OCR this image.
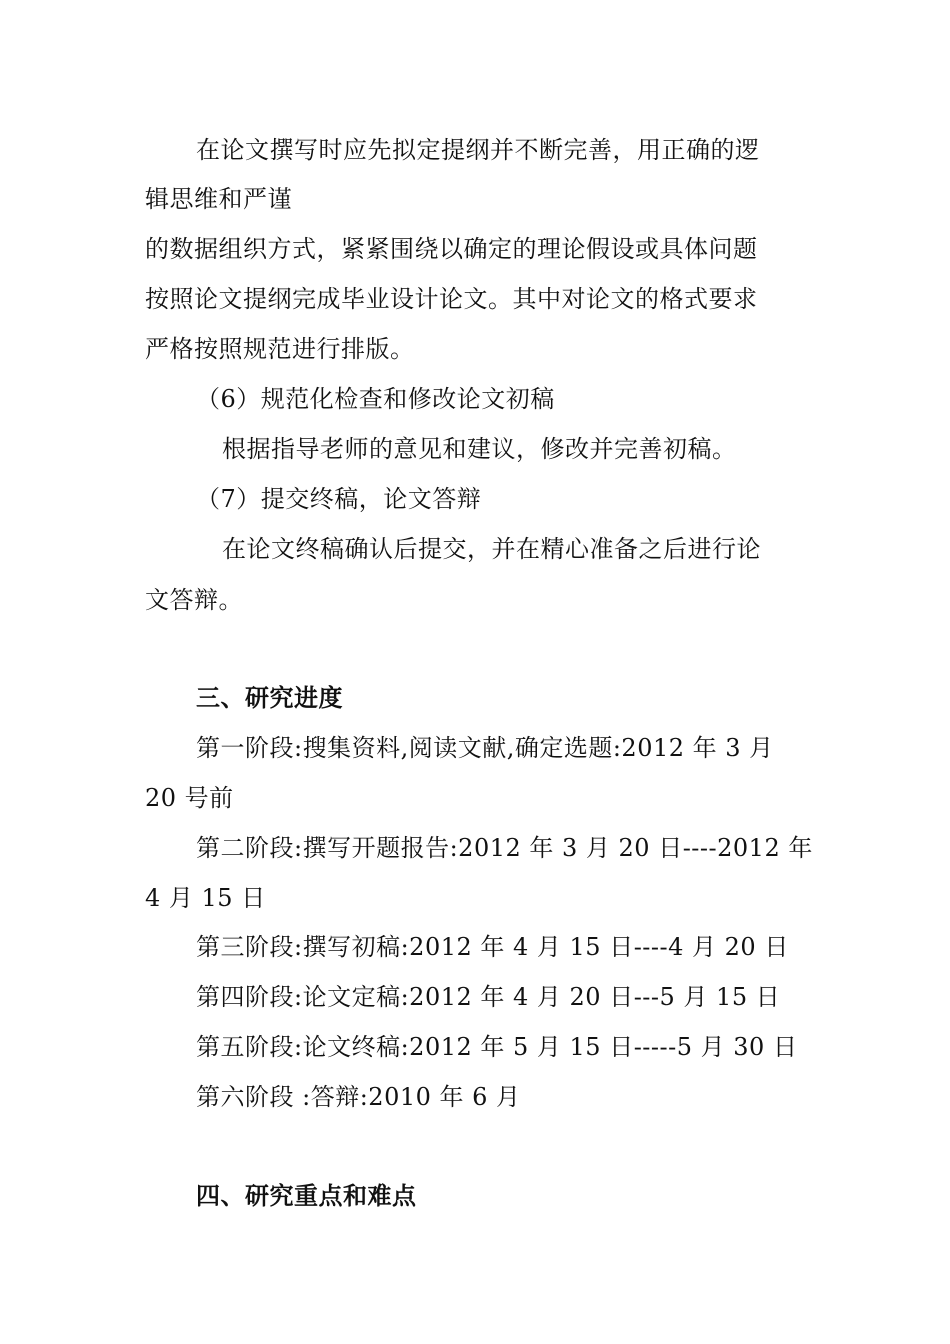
在论文撰写时应先拟定提纲并不断完善，用正确的逻
辑思维和严谨
的数据组织方式，紧紧围绕以确定的理论假设或具体问题
按照论文提纲完成毕业设计论文。其中对论文的格式要求
严格按照规范进行排版。
（6）规范化检查和修改论文初稿
根据指导老师的意见和建议，修改并完善初稿。
（7）提交终稿，论文答辩
在论文终稿确认后提交，并在精心准备之后进行论
文答辩。
三、研究进度
第一阶段:搜集资料,阅读文献,确定选题:2012 年 3 月
20 号前
第二阶段:撰写开题报告:2012 年 3 月 20 日----2012 年
4 月 15 日
第三阶段:撰写初稿:2012 年 4 月 15 日----4 月 20 日
第四阶段:论文定稿:2012 年 4 月 20 日---5 月 15 日
第五阶段:论文终稿:2012 年 5 月 15 日-----5 月 30 日
第六阶段 :答辩:2010 年 6 月
四、研究重点和难点
